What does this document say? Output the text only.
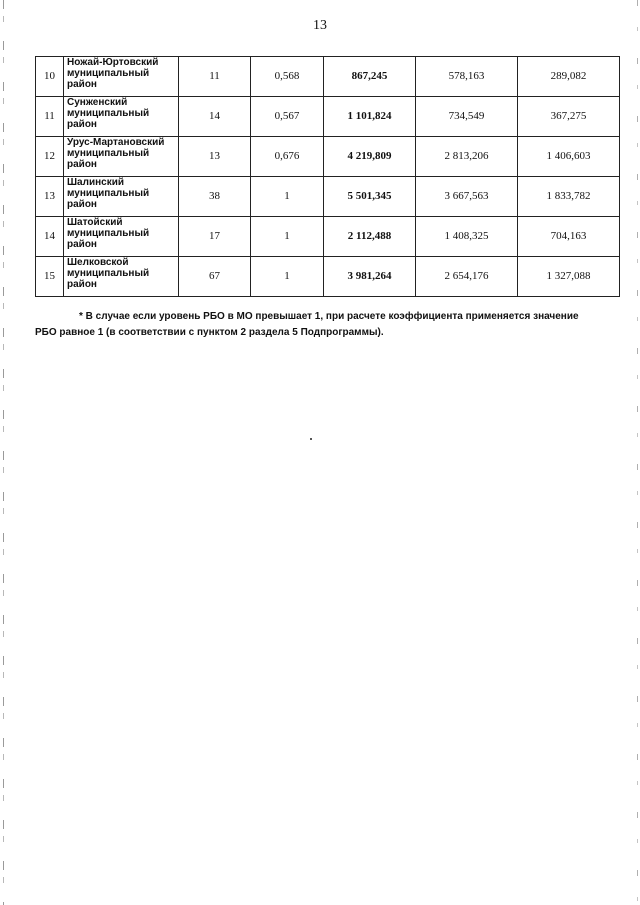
13
10	Ножай-Юртовский
муниципальный
район	11	0,568	867,245	578,163	289,082
11	Сунженский
муниципальный
район	14	0,567	1 101,824	734,549	367,275
12	Урус-Мартановский
муниципальный
район	13	0,676	4 219,809	2 813,206	1 406,603
13	Шалинский
муниципальный
район	38	1	5 501,345	3 667,563	1 833,782
14	Шатойский
муниципальный
район	17	1	2 112,488	1 408,325	704,163
15	Шелковской
муниципальный
район	67	1	3 981,264	2 654,176	1 327,088
* В случае если уровень РБО в МО превышает 1, при расчете коэффициента применяется значение
РБО равное 1 (в соответствии с пунктом 2 раздела 5 Подпрограммы).
